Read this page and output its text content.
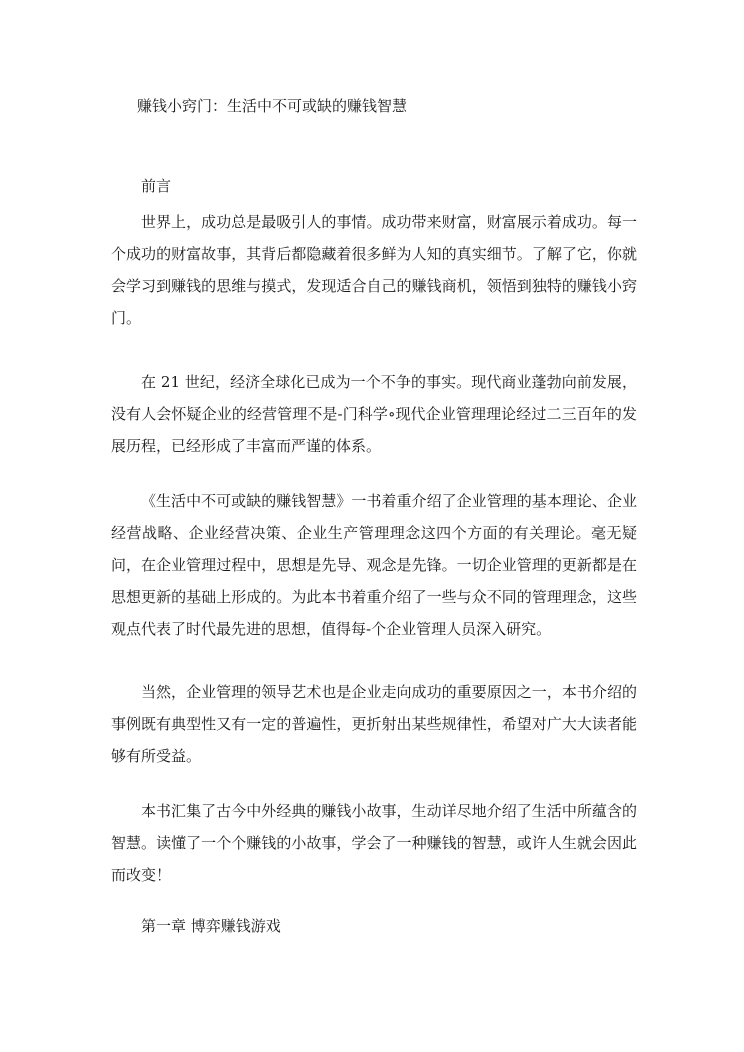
赚钱小窍门：生活中不可或缺的赚钱智慧
前言

世界上，成功总是最吸引人的事情。成功带来财富，财富展示着成功。每一个成功的财富故事，其背后都隐藏着很多鲜为人知的真实细节。了解了它，你就会学习到赚钱的思维与摸式，发现适合自己的赚钱商机，领悟到独特的赚钱小窍门。

在 21 世纪，经济全球化已成为一个不争的事实。现代商业蓬勃向前发展，没有人会怀疑企业的经营管理不是-门科学∘现代企业管理理论经过二三百年的发展历程，已经形成了丰富而严谨的体系。

《生活中不可或缺的赚钱智慧》一书着重介绍了企业管理的基本理论、企业经营战略、企业经营决策、企业生产管理理念这四个方面的有关理论。毫无疑问，在企业管理过程中，思想是先导、观念是先锋。一切企业管理的更新都是在思想更新的基础上形成的。为此本书着重介绍了一些与众不同的管理理念，这些观点代表了时代最先进的思想，值得每-个企业管理人员深入研究。

当然，企业管理的领导艺术也是企业走向成功的重要原因之一，本书介绍的事例既有典型性又有一定的普遍性，更折射出某些规律性，希望对广大大读者能够有所受益。

本书汇集了古今中外经典的赚钱小故事，生动详尽地介绍了生活中所蕴含的智慧。读懂了一个个赚钱的小故事，学会了一种赚钱的智慧，或许人生就会因此而改变！

第一章 博弈赚钱游戏
